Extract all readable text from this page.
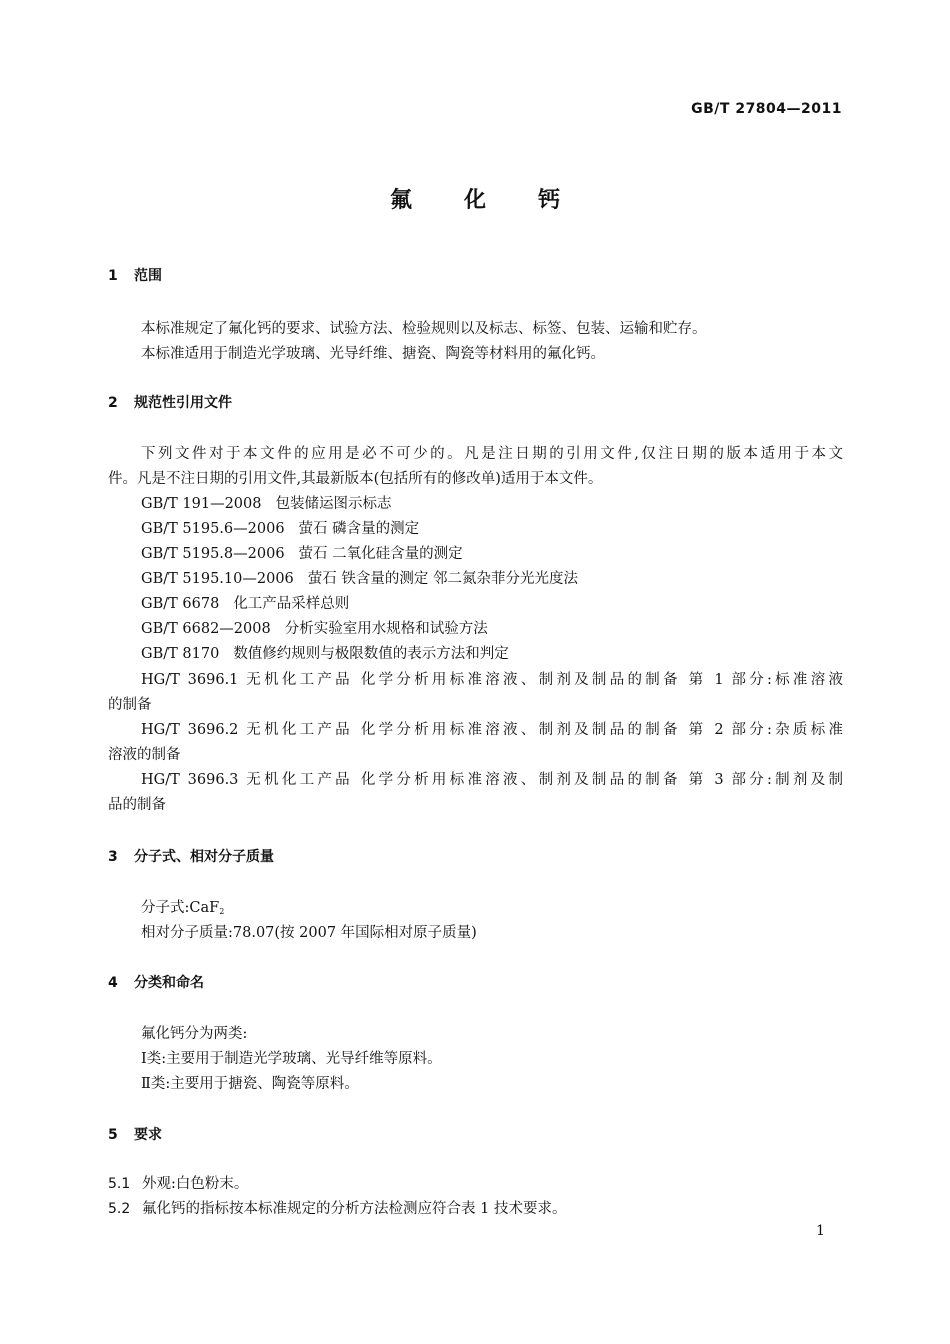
GB/T 27804—2011
氟化钙
1 范围
本标准规定了氟化钙的要求、试验方法、检验规则以及标志、标签、包装、运输和贮存。
本标准适用于制造光学玻璃、光导纤维、搪瓷、陶瓷等材料用的氟化钙。
2 规范性引用文件
下列文件对于本文件的应用是必不可少的。凡是注日期的引用文件,仅注日期的版本适用于本文
件。凡是不注日期的引用文件,其最新版本(包括所有的修改单)适用于本文件。
GB/T 191—2008 包装储运图示标志
GB/T 5195.6—2006 萤石 磷含量的测定
GB/T 5195.8—2006 萤石 二氧化硅含量的测定
GB/T 5195.10—2006 萤石 铁含量的测定 邻二氮杂菲分光光度法
GB/T 6678 化工产品采样总则
GB/T 6682—2008 分析实验室用水规格和试验方法
GB/T 8170 数值修约规则与极限数值的表示方法和判定
HG/T 3696.1 无机化工产品 化学分析用标准溶液、制剂及制品的制备 第 1 部分:标准溶液
的制备
HG/T 3696.2 无机化工产品 化学分析用标准溶液、制剂及制品的制备 第 2 部分:杂质标准
溶液的制备
HG/T 3696.3 无机化工产品 化学分析用标准溶液、制剂及制品的制备 第 3 部分:制剂及制
品的制备
3 分子式、相对分子质量
分子式:CaF$_2$
相对分子质量:78.07(按 2007 年国际相对原子质量)
4 分类和命名
氟化钙分为两类:
Ⅰ类:主要用于制造光学玻璃、光导纤维等原料。
Ⅱ类:主要用于搪瓷、陶瓷等原料。
5 要求
5.1 外观:白色粉末。
5.2 氟化钙的指标按本标准规定的分析方法检测应符合表 1 技术要求。
1
